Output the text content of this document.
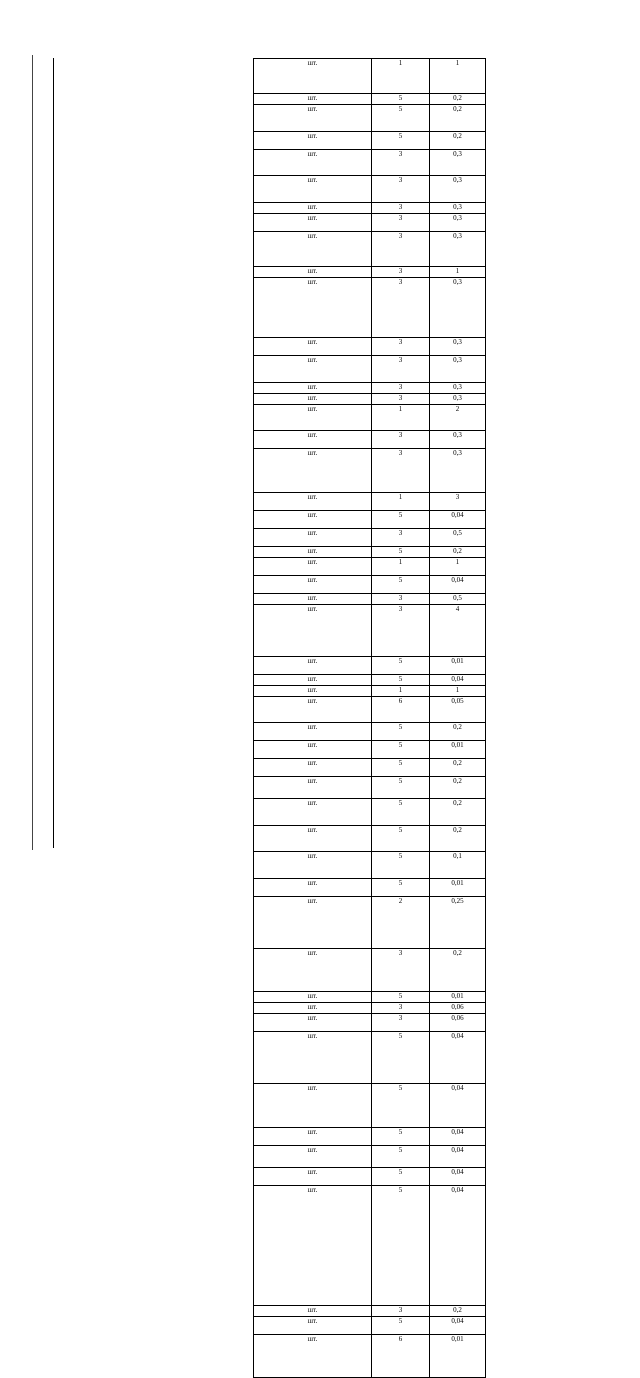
	шт.	1	1
	шт.	5	0,2
	шт.	5	0,2
	шт.	5	0,2
	шт.	3	0,3
	шт.	3	0,3
	шт.	3	0,3
	шт.	3	0,3
	шт.	3	0,3
	шт.	3	1
	шт.	3	0,3
	шт.	3	0,3
	шт.	3	0,3
	шт.	3	0,3
	шт.	3	0,3
	шт.	1	2
	шт.	3	0,3
	шт.	3	0,3
	шт.	1	3
	шт.	5	0,04
	шт.	3	0,5
	шт.	5	0,2
	шт.	1	1
	шт.	5	0,04
	шт.	3	0,5
	шт.	3	4
	шт.	5	0,01
	шт.	5	0,04
	шт.	1	1
	шт.	6	0,05
	шт.	5	0,2
	шт.	5	0,01
	шт.	5	0,2
	шт.	5	0,2
	шт.	5	0,2
	шт.	5	0,2
	шт.	5	0,1
	шт.	5	0,01
	шт.	2	0,25
	шт.	3	0,2
	шт.	5	0,01
	шт.	3	0,06
	шт.	3	0,06
	шт.	5	0,04
	шт.	5	0,04
	шт.	5	0,04
	шт.	5	0,04
	шт.	5	0,04
	шт.	5	0,04
	шт.	3	0,2
	шт.	5	0,04
	шт.	6	0,01
